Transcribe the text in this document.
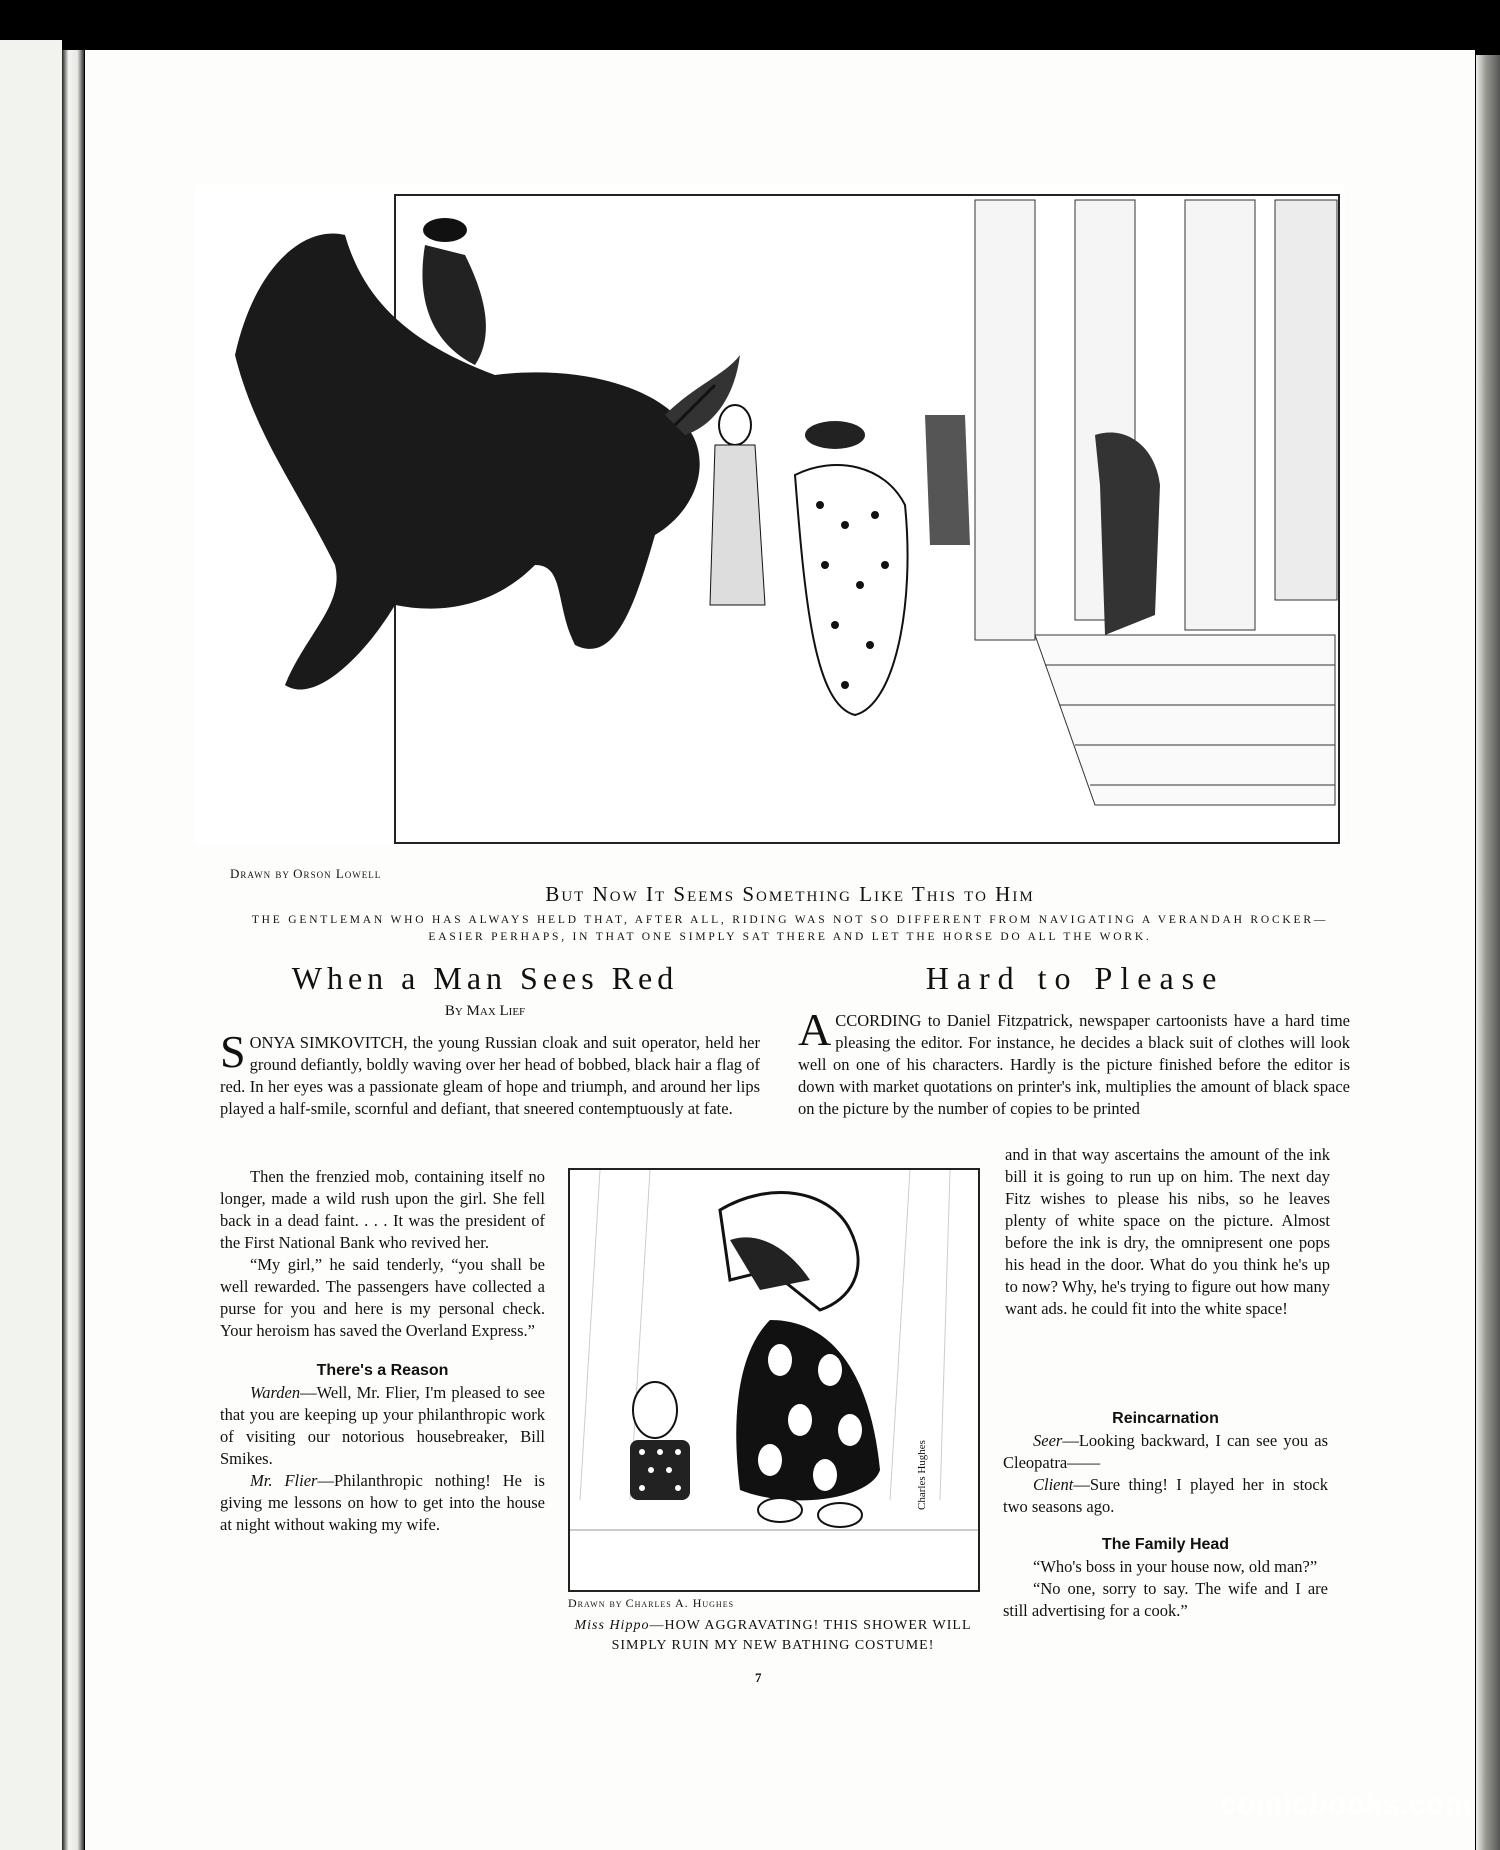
Drawn by Orson Lowell
But Now It Seems Something Like This to Him
THE GENTLEMAN WHO HAS ALWAYS HELD THAT, AFTER ALL, RIDING WAS NOT SO DIFFERENT FROM NAVIGATING A VERANDAH ROCKER—
EASIER PERHAPS, IN THAT ONE SIMPLY SAT THERE AND LET THE HORSE DO ALL THE WORK.
When a Man Sees Red
By Max Lief
SONYA SIMKOVITCH, the young Russian cloak and suit operator, held her ground defiantly, boldly waving over her head of bobbed, black hair a flag of red. In her eyes was a passionate gleam of hope and triumph, and around her lips played a half-smile, scornful and defiant, that sneered contemptuously at fate.

Then the frenzied mob, containing itself no longer, made a wild rush upon the girl. She fell back in a dead faint. . . . It was the president of the First National Bank who revived her.

“My girl,” he said tenderly, “you shall be well rewarded. The passengers have collected a purse for you and here is my personal check. Your heroism has saved the Overland Express.”

There's a Reason

Warden—Well, Mr. Flier, I'm pleased to see that you are keeping up your philanthropic work of visiting our notorious housebreaker, Bill Smikes.

Mr. Flier—Philanthropic nothing! He is giving me lessons on how to get into the house at night without waking my wife.

Charles Hughes
Drawn by Charles A. Hughes
Miss Hippo—HOW AGGRAVATING! THIS SHOWER WILL SIMPLY RUIN MY NEW BATHING COSTUME!
Hard to Please
ACCORDING to Daniel Fitzpatrick, newspaper cartoonists have a hard time pleasing the editor. For instance, he decides a black suit of clothes will look well on one of his characters. Hardly is the picture finished before the editor is down with market quotations on printer's ink, multiplies the amount of black space on the picture by the number of copies to be printed

and in that way ascertains the amount of the ink bill it is going to run up on him. The next day Fitz wishes to please his nibs, so he leaves plenty of white space on the picture. Almost before the ink is dry, the omnipresent one pops his head in the door. What do you think he's up to now? Why, he's trying to figure out how many want ads. he could fit into the white space!

Reincarnation

Seer—Looking backward, I can see you as Cleopatra——

Client—Sure thing! I played her in stock two seasons ago.

The Family Head

“Who's boss in your house now, old man?”

“No one, sorry to say. The wife and I are still advertising for a cook.”

7
comicbooks.com
